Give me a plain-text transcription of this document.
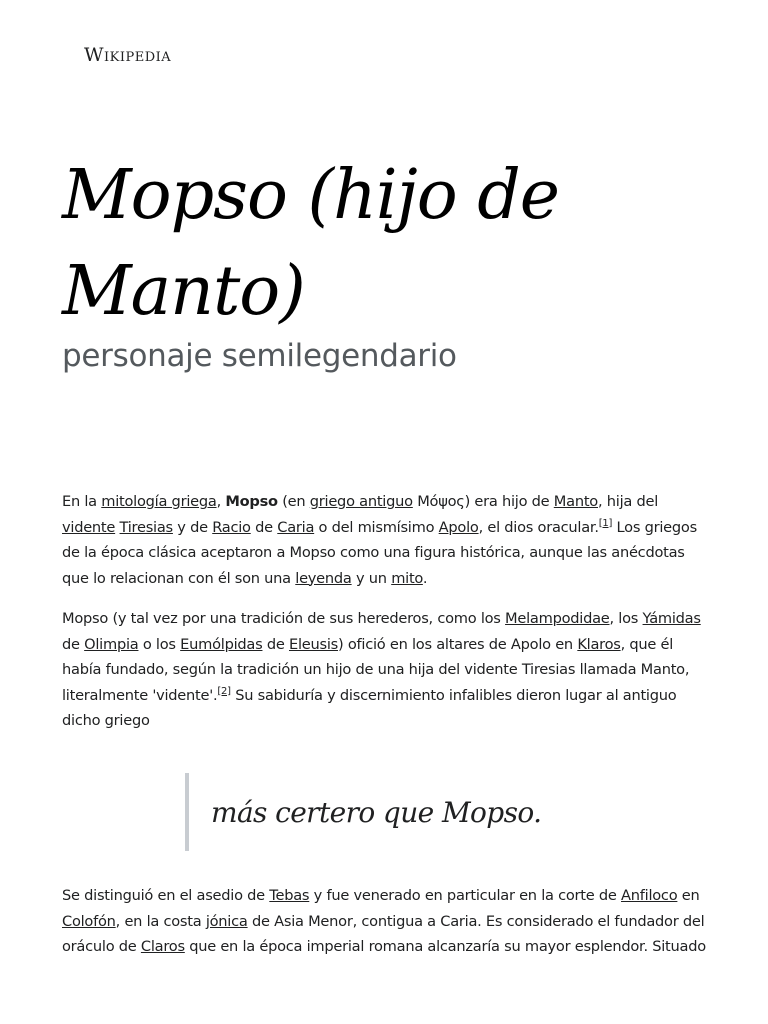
Wikipedia
Mopso (hijo de Manto)
personaje semilegendario

En la mitología griega, Mopso (en griego antiguo Μόψος) era hijo de Manto, hija del vidente Tiresias y de Racio de Caria o del mismísimo Apolo, el dios oracular.[1] Los griegos de la época clásica aceptaron a Mopso como una figura histórica, aunque las anécdotas que lo relacionan con él son una leyenda y un mito.

Mopso (y tal vez por una tradición de sus herederos, como los Melampodidae, los Yámidas de Olimpia o los Eumólpidas de Eleusis) ofició en los altares de Apolo en Klaros, que él había fundado, según la tradición un hijo de una hija del vidente Tiresias llamada Manto, literalmente 'vidente'.[2] Su sabiduría y discernimiento infalibles dieron lugar al antiguo dicho griego

más certero que Mopso.
Se distinguió en el asedio de Tebas y fue venerado en particular en la corte de Anfiloco en Colofón, en la costa jónica de Asia Menor, contigua a Caria. Es considerado el fundador del oráculo de Claros que en la época imperial romana alcanzaría su mayor esplendor. Situado
